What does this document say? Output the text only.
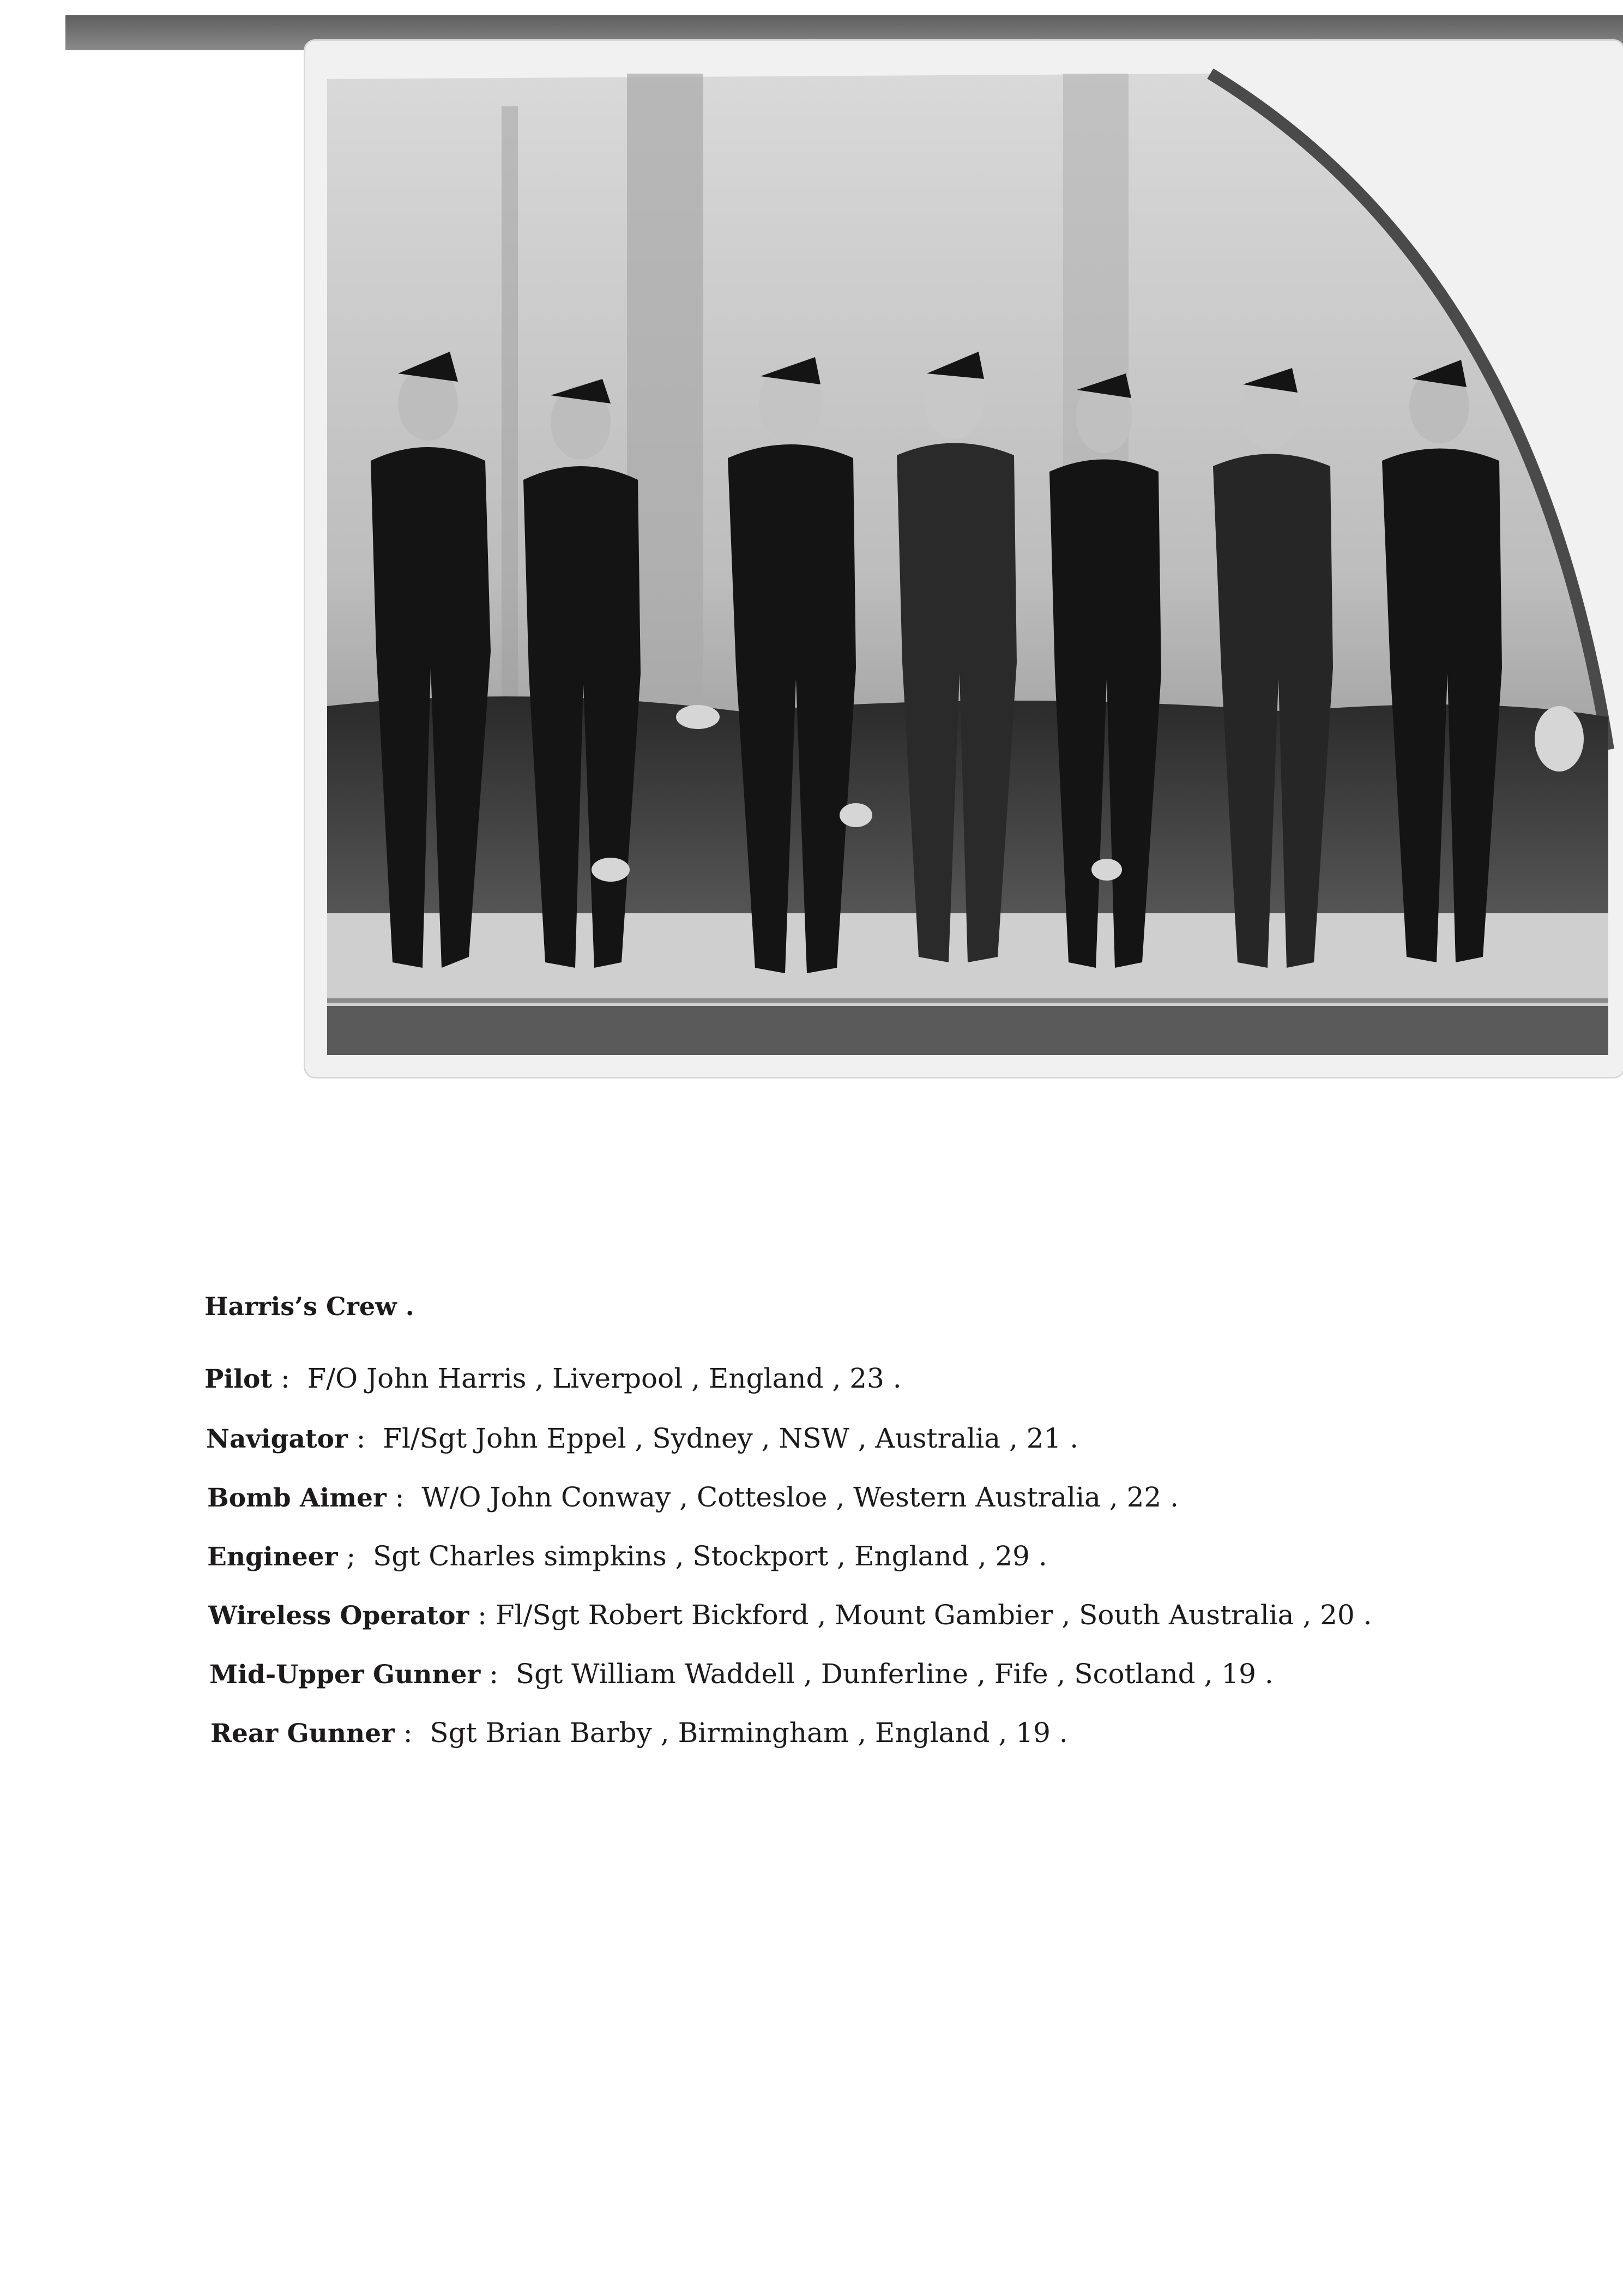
Harris’s Crew .

Pilot :  F/O John Harris , Liverpool , England , 23 .

Navigator :  Fl/Sgt John Eppel , Sydney , NSW , Australia , 21 .

Bomb Aimer :  W/O John Conway , Cottesloe , Western Australia , 22 .

Engineer ;  Sgt Charles simpkins , Stockport , England , 29 .

Wireless Operator : Fl/Sgt Robert Bickford , Mount Gambier , South Australia , 20 .

Mid-Upper Gunner :  Sgt William Waddell , Dunferline , Fife , Scotland , 19 .

Rear Gunner :  Sgt Brian Barby , Birmingham , England , 19 .
